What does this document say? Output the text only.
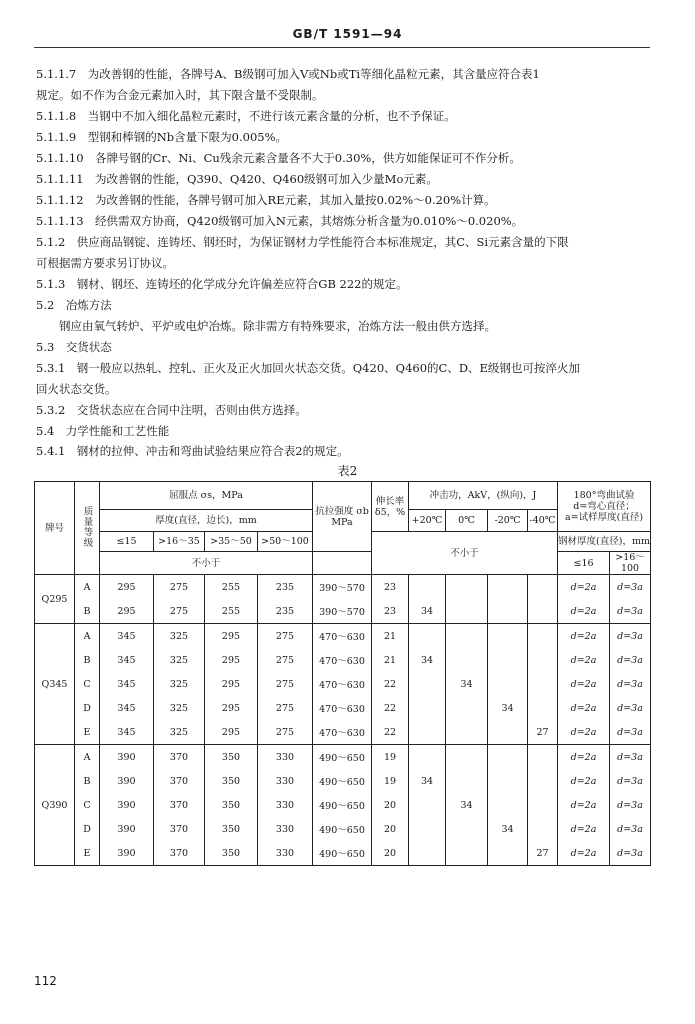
GB/T 1591—94
5.1.1.7　为改善钢的性能，各牌号A、B级钢可加入V或Nb或Ti等细化晶粒元素，其含量应符合表1
规定。如不作为合金元素加入时，其下限含量不受限制。
5.1.1.8　当钢中不加入细化晶粒元素时，不进行该元素含量的分析，也不予保证。
5.1.1.9　型钢和棒钢的Nb含量下限为0.005%。
5.1.1.10　各牌号钢的Cr、Ni、Cu残余元素含量各不大于0.30%，供方如能保证可不作分析。
5.1.1.11　为改善钢的性能，Q390、Q420、Q460级钢可加入少量Mo元素。
5.1.1.12　为改善钢的性能，各牌号钢可加入RE元素，其加入量按0.02%～0.20%计算。
5.1.1.13　经供需双方协商，Q420级钢可加入N元素，其熔炼分析含量为0.010%～0.020%。
5.1.2　供应商品钢锭、连铸坯、钢坯时，为保证钢材力学性能符合本标准规定，其C、Si元素含量的下限
可根据需方要求另订协议。
5.1.3　钢材、钢坯、连铸坯的化学成分允许偏差应符合GB 222的规定。
5.2　冶炼方法
　　钢应由氧气转炉、平炉或电炉冶炼。除非需方有特殊要求，冶炼方法一般由供方选择。
5.3　交货状态
5.3.1　钢一般应以热轧、控轧、正火及正火加回火状态交货。Q420、Q460的C、D、E级钢也可按淬火加
回火状态交货。
5.3.2　交货状态应在合同中注明，否则由供方选择。
5.4　力学性能和工艺性能
5.4.1　钢材的拉伸、冲击和弯曲试验结果应符合表2的规定。
表2
牌号	质量等级	屈服点 σs，MPa				抗拉强度 σb MPa	伸长率 δ5，%	冲击功，AkV，(纵向)，J				180°弯曲试验
d=弯心直径；
a=试样厚度(直径)	

		厚度(直径，边长)，mm						+20℃	0℃	-20℃	-40℃		
		≤15	>16～35	>35～50	>50～100		不小于					钢材厚度(直径)，mm	
		不小于										≤16	>16～100
Q295	A	295	275	255	235	390～570	23					d=2a	d=3a
	B	295	275	255	235	390～570	23	34				d=2a	d=3a
Q345	A	345	325	295	275	470～630	21					d=2a	d=3a
	B	345	325	295	275	470～630	21	34				d=2a	d=3a
	C	345	325	295	275	470～630	22		34			d=2a	d=3a
	D	345	325	295	275	470～630	22			34		d=2a	d=3a
	E	345	325	295	275	470～630	22				27	d=2a	d=3a
Q390	A	390	370	350	330	490～650	19					d=2a	d=3a
	B	390	370	350	330	490～650	19	34				d=2a	d=3a
	C	390	370	350	330	490～650	20		34			d=2a	d=3a
	D	390	370	350	330	490～650	20			34		d=2a	d=3a
	E	390	370	350	330	490～650	20				27	d=2a	d=3a
112
